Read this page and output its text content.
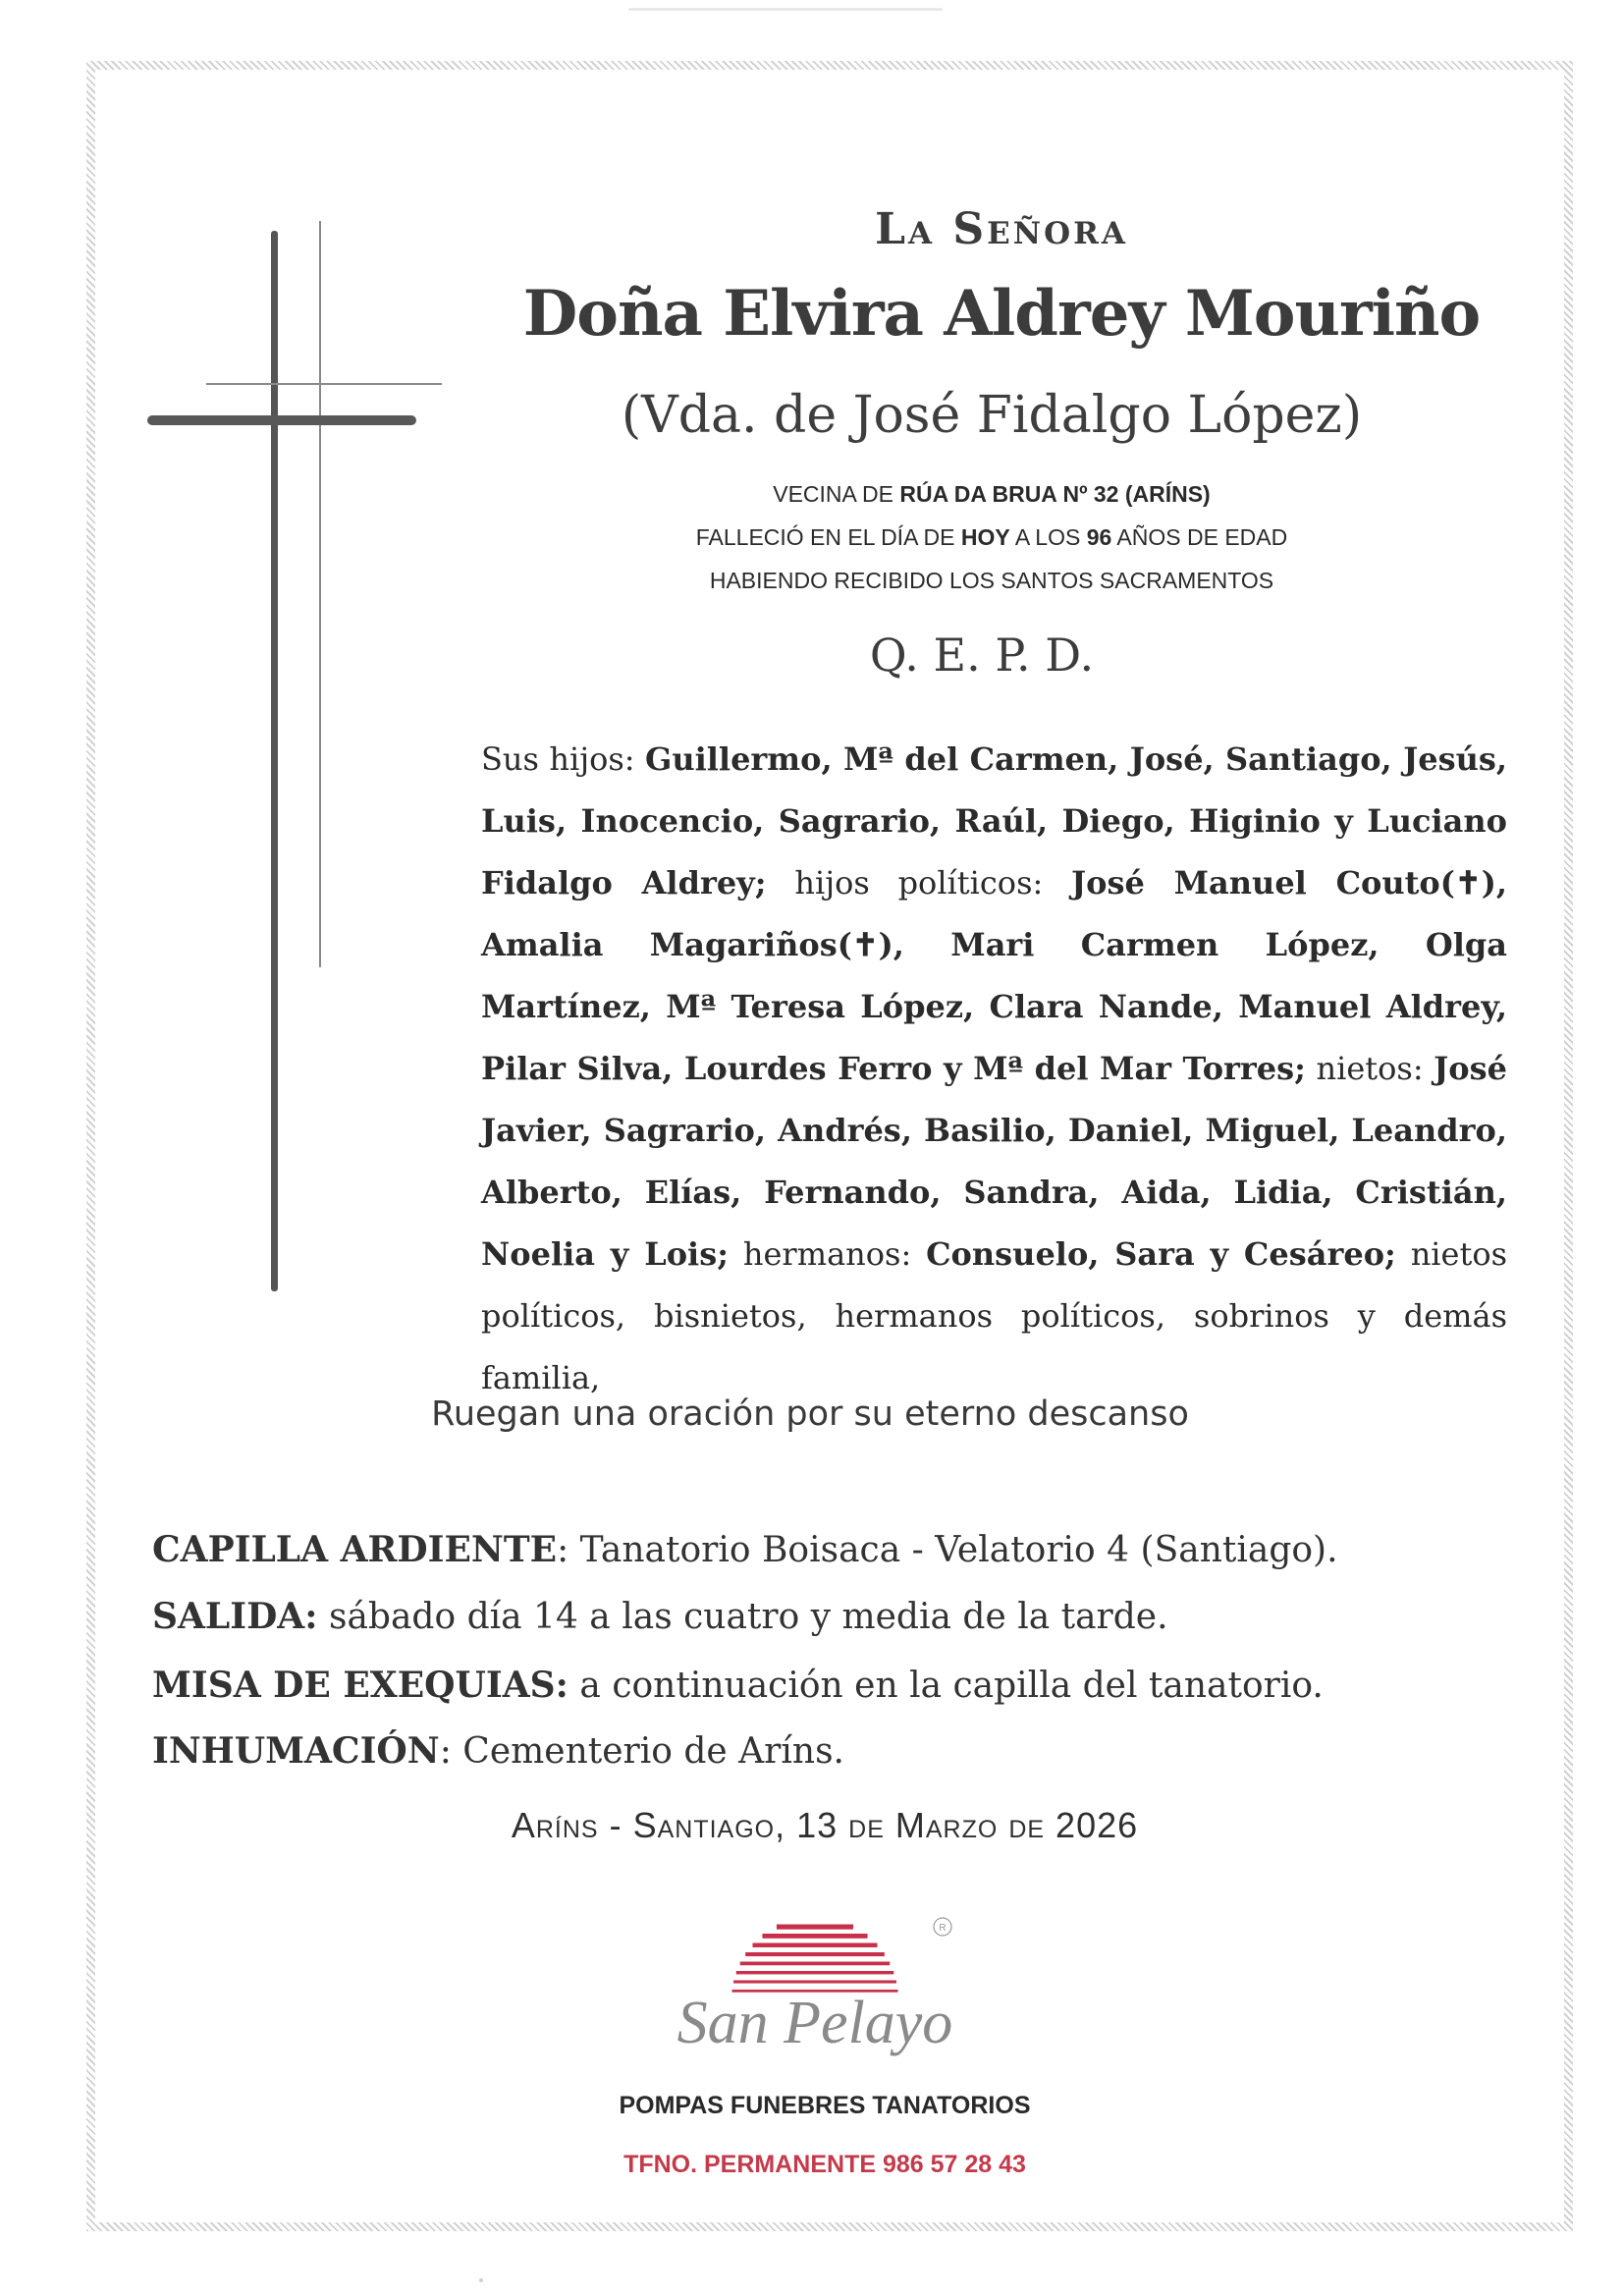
La Señora
Doña Elvira Aldrey Mouriño
(Vda. de José Fidalgo López)
VECINA DE RÚA DA BRUA Nº 32 (ARÍNS)
FALLECIÓ EN EL DÍA DE HOY A LOS 96 AÑOS DE EDAD
HABIENDO RECIBIDO LOS SANTOS SACRAMENTOS
Q. E. P. D.
Sus hijos: Guillermo, Mª del Carmen, José, Santiago, Jesús, Luis, Inocencio, Sagrario, Raúl, Diego, Higinio y Luciano Fidalgo Aldrey; hijos políticos: José Manuel Couto(✝), Amalia Magariños(✝), Mari Carmen López, Olga Martínez, Mª Teresa López, Clara Nande, Manuel Aldrey, Pilar Silva, Lourdes Ferro y Mª del Mar Torres; nietos: José Javier, Sagrario, Andrés, Basilio, Daniel, Miguel, Leandro, Alberto, Elías, Fernando, Sandra, Aida, Lidia, Cristián, Noelia y Lois; hermanos: Consuelo, Sara y Cesáreo; nietos políticos, bisnietos, hermanos políticos, sobrinos y demás familia,
Ruegan una oración por su eterno descanso
CAPILLA ARDIENTE: Tanatorio Boisaca - Velatorio 4 (Santiago).
SALIDA: sábado día 14 a las cuatro y media de la tarde.
MISA DE EXEQUIAS: a continuación en la capilla del tanatorio.
INHUMACIÓN: Cementerio de Aríns.
Aríns - Santiago, 13 de Marzo de 2026
R
San Pelayo
POMPAS FUNEBRES TANATORIOS
TFNO. PERMANENTE 986 57 28 43
